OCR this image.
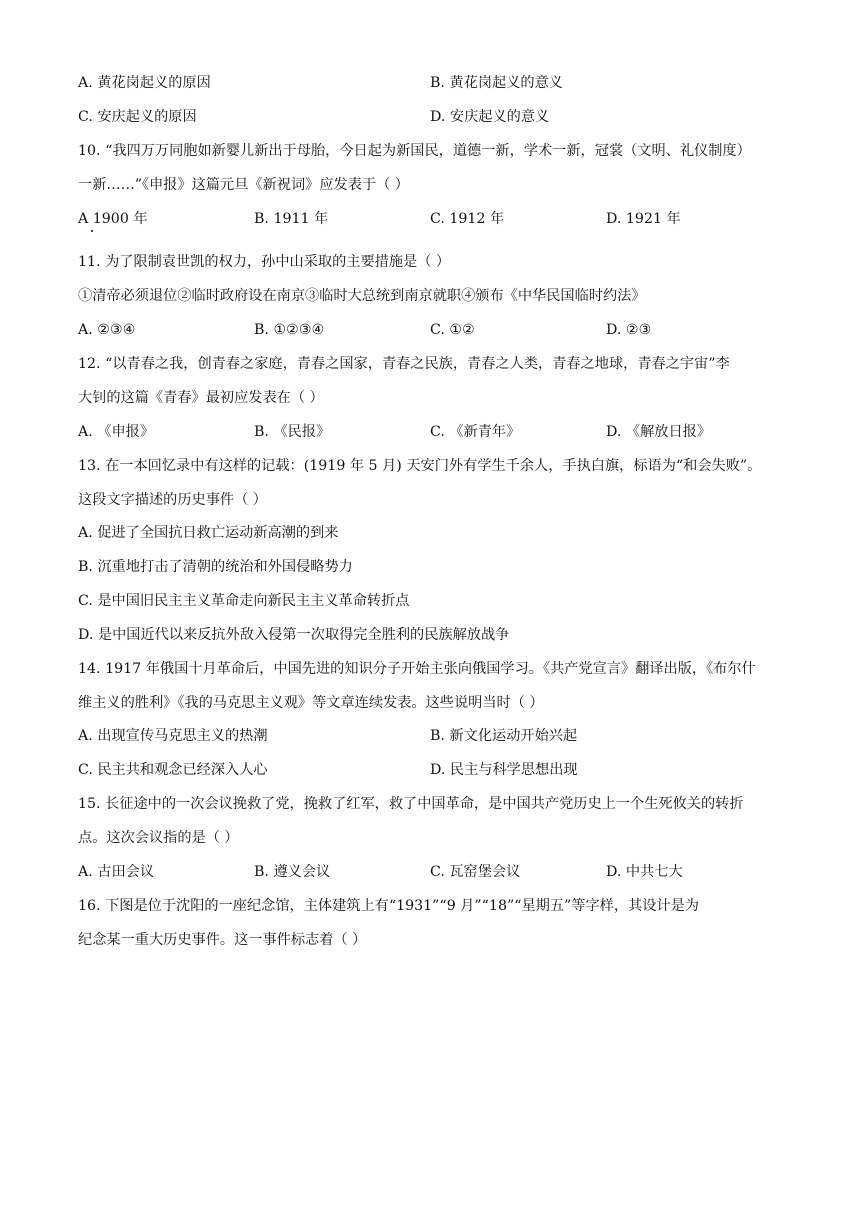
A. 黄花岗起义的原因	B. 黄花岗起义的意义
C. 安庆起义的原因	D. 安庆起义的意义
10. “我四万万同胞如新婴儿新出于母胎，今日起为新国民，道德一新，学术一新，冠裳（文明、礼仪制度）
一新……”《申报》这篇元旦《新祝词》应发表于（ ）
A 1900 年	B. 1911 年	C. 1912 年	D. 1921 年
11. 为了限制袁世凯的权力，孙中山采取的主要措施是（ ）
①清帝必须退位②临时政府设在南京③临时大总统到南京就职④颁布《中华民国临时约法》
A. ②③④	B. ①②③④	C. ①②	D. ②③
12. “以青春之我，创青春之家庭，青春之国家，青春之民族，青春之人类，青春之地球，青春之宇宙”李
大钊的这篇《青春》最初应发表在（ ）
A. 《申报》	B. 《民报》	C. 《新青年》	D. 《解放日报》
13. 在一本回忆录中有这样的记载：(1919 年 5 月) 天安门外有学生千余人，手执白旗，标语为“和会失败”。
这段文字描述的历史事件（ ）
A. 促进了全国抗日救亡运动新高潮的到来
B. 沉重地打击了清朝的统治和外国侵略势力
C. 是中国旧民主主义革命走向新民主主义革命转折点
D. 是中国近代以来反抗外敌入侵第一次取得完全胜利的民族解放战争
14. 1917 年俄国十月革命后，中国先进的知识分子开始主张向俄国学习。《共产党宣言》翻译出版，《布尔什
维主义的胜利》《我的马克思主义观》等文章连续发表。这些说明当时（ ）
A. 出现宣传马克思主义的热潮	B. 新文化运动开始兴起
C. 民主共和观念已经深入人心	D. 民主与科学思想出现
15. 长征途中的一次会议挽救了党，挽救了红军，救了中国革命，是中国共产党历史上一个生死攸关的转折
点。这次会议指的是（ ）
A. 古田会议	B. 遵义会议	C. 瓦窑堡会议	D. 中共七大
16. 下图是位于沈阳的一座纪念馆，主体建筑上有“1931”“9 月”“18”“星期五”等字样，其设计是为
纪念某一重大历史事件。这一事件标志着（ ）
